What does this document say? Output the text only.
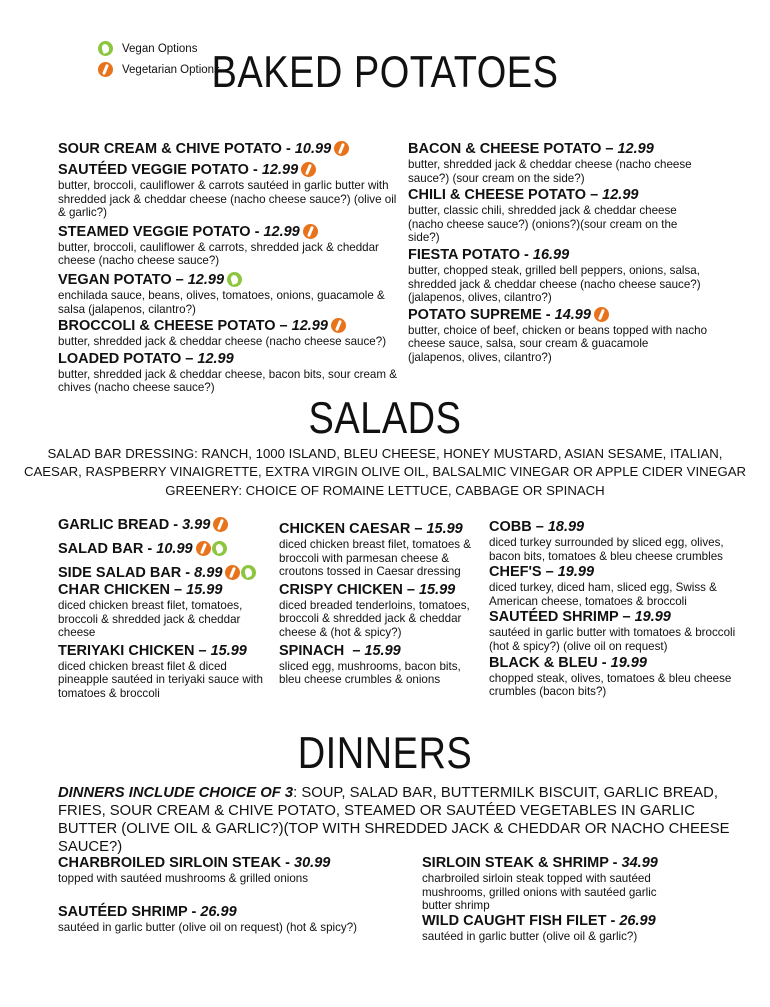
Vegan Options
Vegetarian Options
BAKED POTATOES
SALADS
DINNERS
SOUR CREAM & CHIVE POTATO - 10.99
SAUTÉED VEGGIE POTATO - 12.99
butter, broccoli, cauliflower & carrots sautéed in garlic butter with shredded jack & cheddar cheese (nacho cheese sauce?) (olive oil & garlic?)
STEAMED VEGGIE POTATO - 12.99
butter, broccoli, cauliflower & carrots, shredded jack & cheddar cheese (nacho cheese sauce?)
VEGAN POTATO – 12.99
enchilada sauce, beans, olives, tomatoes, onions, guacamole & salsa (jalapenos, cilantro?)
BROCCOLI & CHEESE POTATO – 12.99
butter, shredded jack & cheddar cheese (nacho cheese sauce?)
LOADED POTATO – 12.99
butter, shredded jack & cheddar cheese, bacon bits, sour cream & chives (nacho cheese sauce?)
BACON & CHEESE POTATO – 12.99
butter, shredded jack & cheddar cheese (nacho cheese sauce?) (sour cream on the side?)
CHILI & CHEESE POTATO – 12.99
butter, classic chili, shredded jack & cheddar cheese (nacho cheese sauce?) (onions?)(sour cream on the side?)
FIESTA POTATO - 16.99
butter, chopped steak, grilled bell peppers, onions, salsa, shredded jack & cheddar cheese (nacho cheese sauce?) (jalapenos, olives, cilantro?)
POTATO SUPREME - 14.99
butter, choice of beef, chicken or beans topped with nacho cheese sauce, salsa, sour cream & guacamole (jalapenos, olives, cilantro?)
SALAD BAR DRESSING: RANCH, 1000 ISLAND, BLEU CHEESE, HONEY MUSTARD, ASIAN SESAME, ITALIAN,
CAESAR, RASPBERRY VINAIGRETTE, EXTRA VIRGIN OLIVE OIL, BALSALMIC VINEGAR OR APPLE CIDER VINEGAR
GREENERY: CHOICE OF ROMAINE LETTUCE, CABBAGE OR SPINACH
GARLIC BREAD - 3.99
SALAD BAR - 10.99
SIDE SALAD BAR - 8.99
CHAR CHICKEN – 15.99
diced chicken breast filet, tomatoes, broccoli & shredded jack & cheddar cheese
TERIYAKI CHICKEN – 15.99
diced chicken breast filet & diced pineapple sautéed in teriyaki sauce with tomatoes & broccoli
CHICKEN CAESAR – 15.99
diced chicken breast filet, tomatoes & broccoli with parmesan cheese & croutons tossed in Caesar dressing
CRISPY CHICKEN – 15.99
diced breaded tenderloins, tomatoes, broccoli & shredded jack & cheddar cheese & (hot & spicy?)
SPINACH  – 15.99
sliced egg, mushrooms, bacon bits, bleu cheese crumbles & onions
COBB – 18.99
diced turkey surrounded by sliced egg, olives, bacon bits, tomatoes & bleu cheese crumbles
CHEF'S – 19.99
diced turkey, diced ham, sliced egg, Swiss & American cheese, tomatoes & broccoli
SAUTÉED SHRIMP – 19.99
sautéed in garlic butter with tomatoes & broccoli (hot & spicy?) (olive oil on request)
BLACK & BLEU - 19.99
chopped steak, olives, tomatoes & bleu cheese crumbles (bacon bits?)
DINNERS INCLUDE CHOICE OF 3: SOUP, SALAD BAR, BUTTERMILK BISCUIT, GARLIC BREAD, FRIES, SOUR CREAM & CHIVE POTATO, STEAMED OR SAUTÉED VEGETABLES IN GARLIC BUTTER (OLIVE OIL & GARLIC?)(TOP WITH SHREDDED JACK & CHEDDAR OR NACHO CHEESE SAUCE?)
CHARBROILED SIRLOIN STEAK - 30.99
topped with sautéed mushrooms & grilled onions
SAUTÉED SHRIMP - 26.99
sautéed in garlic butter (olive oil on request) (hot & spicy?)
SIRLOIN STEAK & SHRIMP - 34.99
charbroiled sirloin steak topped with sautéed mushrooms, grilled onions with sautéed garlic butter shrimp
WILD CAUGHT FISH FILET - 26.99
sautéed in garlic butter (olive oil & garlic?)
